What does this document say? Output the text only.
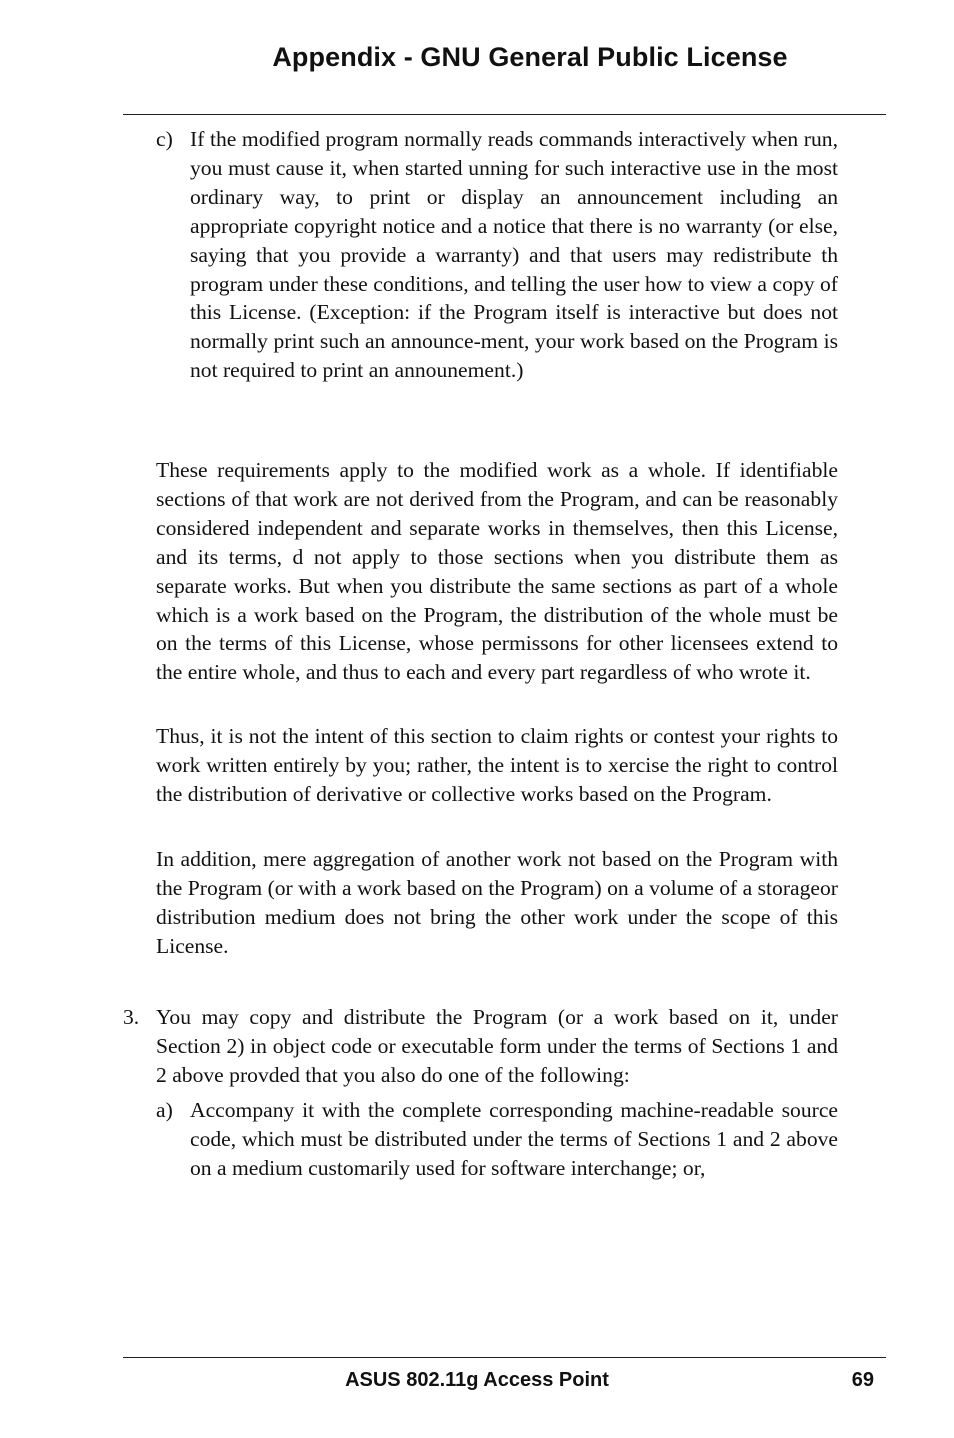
Appendix - GNU General Public License
c) If the modified program normally reads commands interactively when run, you must cause it, when started unning for such interactive use in the most ordinary way, to print or display an announcement including an appropriate copyright notice and a notice that there is no warranty (or else, saying that you provide a warranty) and that users may redistribute th program under these conditions, and telling the user how to view a copy of this License. (Exception: if the Program itself is interactive but does not normally print such an announce-ment, your work based on the Program is not required to print an announement.)

These requirements apply to the modified work as a whole. If identifiable sections of that work are not derived from the Program, and can be reasonably considered independent and separate works in themselves, then this License, and its terms, d not apply to those sections when you distribute them as separate works. But when you distribute the same sections as part of a whole which is a work based on the Program, the distribution of the whole must be on the terms of this License, whose permissons for other licensees extend to the entire whole, and thus to each and every part regardless of who wrote it.

Thus, it is not the intent of this section to claim rights or contest your rights to work written entirely by you; rather, the intent is to xercise the right to control the distribution of derivative or collective works based on the Program.

In addition, mere aggregation of another work not based on the Program with the Program (or with a work based on the Program) on a volume of a storageor distribution medium does not bring the other work under the scope of this License.

3. You may copy and distribute the Program (or a work based on it, under Section 2) in object code or executable form under the terms of Sections 1 and 2 above provded that you also do one of the following:

a) Accompany it with the complete corresponding machine-readable source code, which must be distributed under the terms of Sections 1 and 2 above on a medium customarily used for software interchange; or,

ASUS 802.11g Access Point	69
